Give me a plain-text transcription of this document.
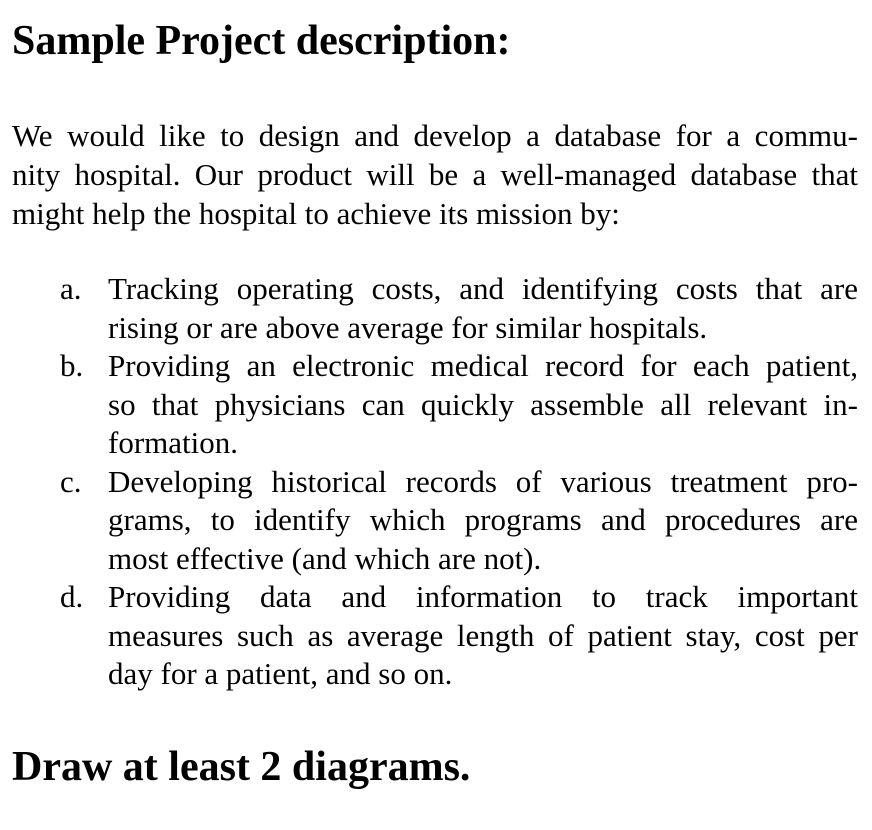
Sample Project description:

We would like to design and develop a database for a commu-
nity hospital. Our product will be a well-managed database that
might help the hospital to achieve its mission by:

a. Tracking operating costs, and identifying costs that are
rising or are above average for similar hospitals.
b. Providing an electronic medical record for each patient,
so that physicians can quickly assemble all relevant in-
formation.
c. Developing historical records of various treatment pro-
grams, to identify which programs and procedures are
most effective (and which are not).
d. Providing data and information to track important
measures such as average length of patient stay, cost per
day for a patient, and so on.
Draw at least 2 diagrams.
